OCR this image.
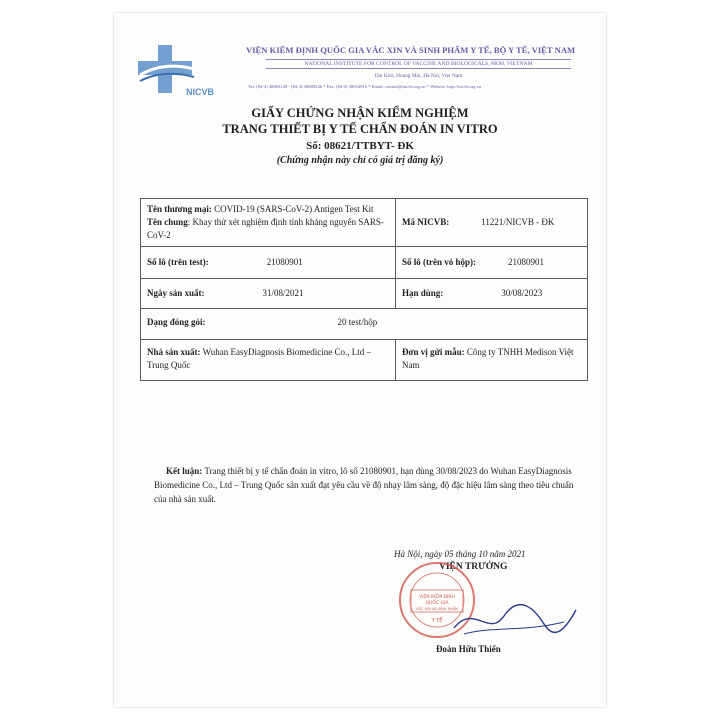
NICVB
VIỆN KIỂM ĐỊNH QUỐC GIA VẮC XIN VÀ SINH PHẨM Y TẾ, BỘ Y TẾ, VIỆT NAM
NATIONAL INSTITUTE FOR CONTROL OF VACCINE AND BIOLOGICALS, MOH, VIETNAM
Dai Kim, Hoang Mai, Ha Noi, Viet Nam
Tel: (84-4) 38683148 - (84-4) 38689236 * Fax: (84-4) 38654816 * Email: contact@nicvb.org.vn * Website: http://nicvb.org.vn
GIẤY CHỨNG NHẬN KIỂM NGHIỆM
TRANG THIẾT BỊ Y TẾ CHẨN ĐOÁN IN VITRO
Số: 08621/TTBYT- ĐK
(Chứng nhận này chỉ có giá trị đăng ký)
Tên thương mại: COVID-19 (SARS-CoV-2) Antigen Test Kit
Tên chung: Khay thử xét nghiệm định tính kháng nguyên SARS-CoV-2	Mã NICVB: 11221/NICVB - ĐK
Số lô (trên test): 21080901	Số lô (trên vỏ hộp): 21080901
Ngày sản xuất: 31/08/2021	Hạn dùng: 30/08/2023
Dạng đóng gói: 20 test/hộp	
Nhà sản xuất: Wuhan EasyDiagnosis Biomedicine Co., Ltd – Trung Quốc	Đơn vị gửi mẫu: Công ty TNHH Medison Việt Nam
Kết luận: Trang thiết bị y tế chẩn đoán in vitro, lô số 21080901, hạn dùng 30/08/2023 do Wuhan EasyDiagnosis Biomedicine Co., Ltd – Trung Quốc sản xuất đạt yêu cầu về độ nhạy lâm sàng, độ đặc hiệu lâm sàng theo tiêu chuẩn của nhà sản xuất.
Hà Nội, ngày 05 tháng 10 năm 2021
VIỆN TRƯỞNG
VIỆN KIỂM ĐỊNH
QUỐC GIA
VẮC XIN VÀ SINH PHẨM
Y TẾ
Đoàn Hữu Thiển
